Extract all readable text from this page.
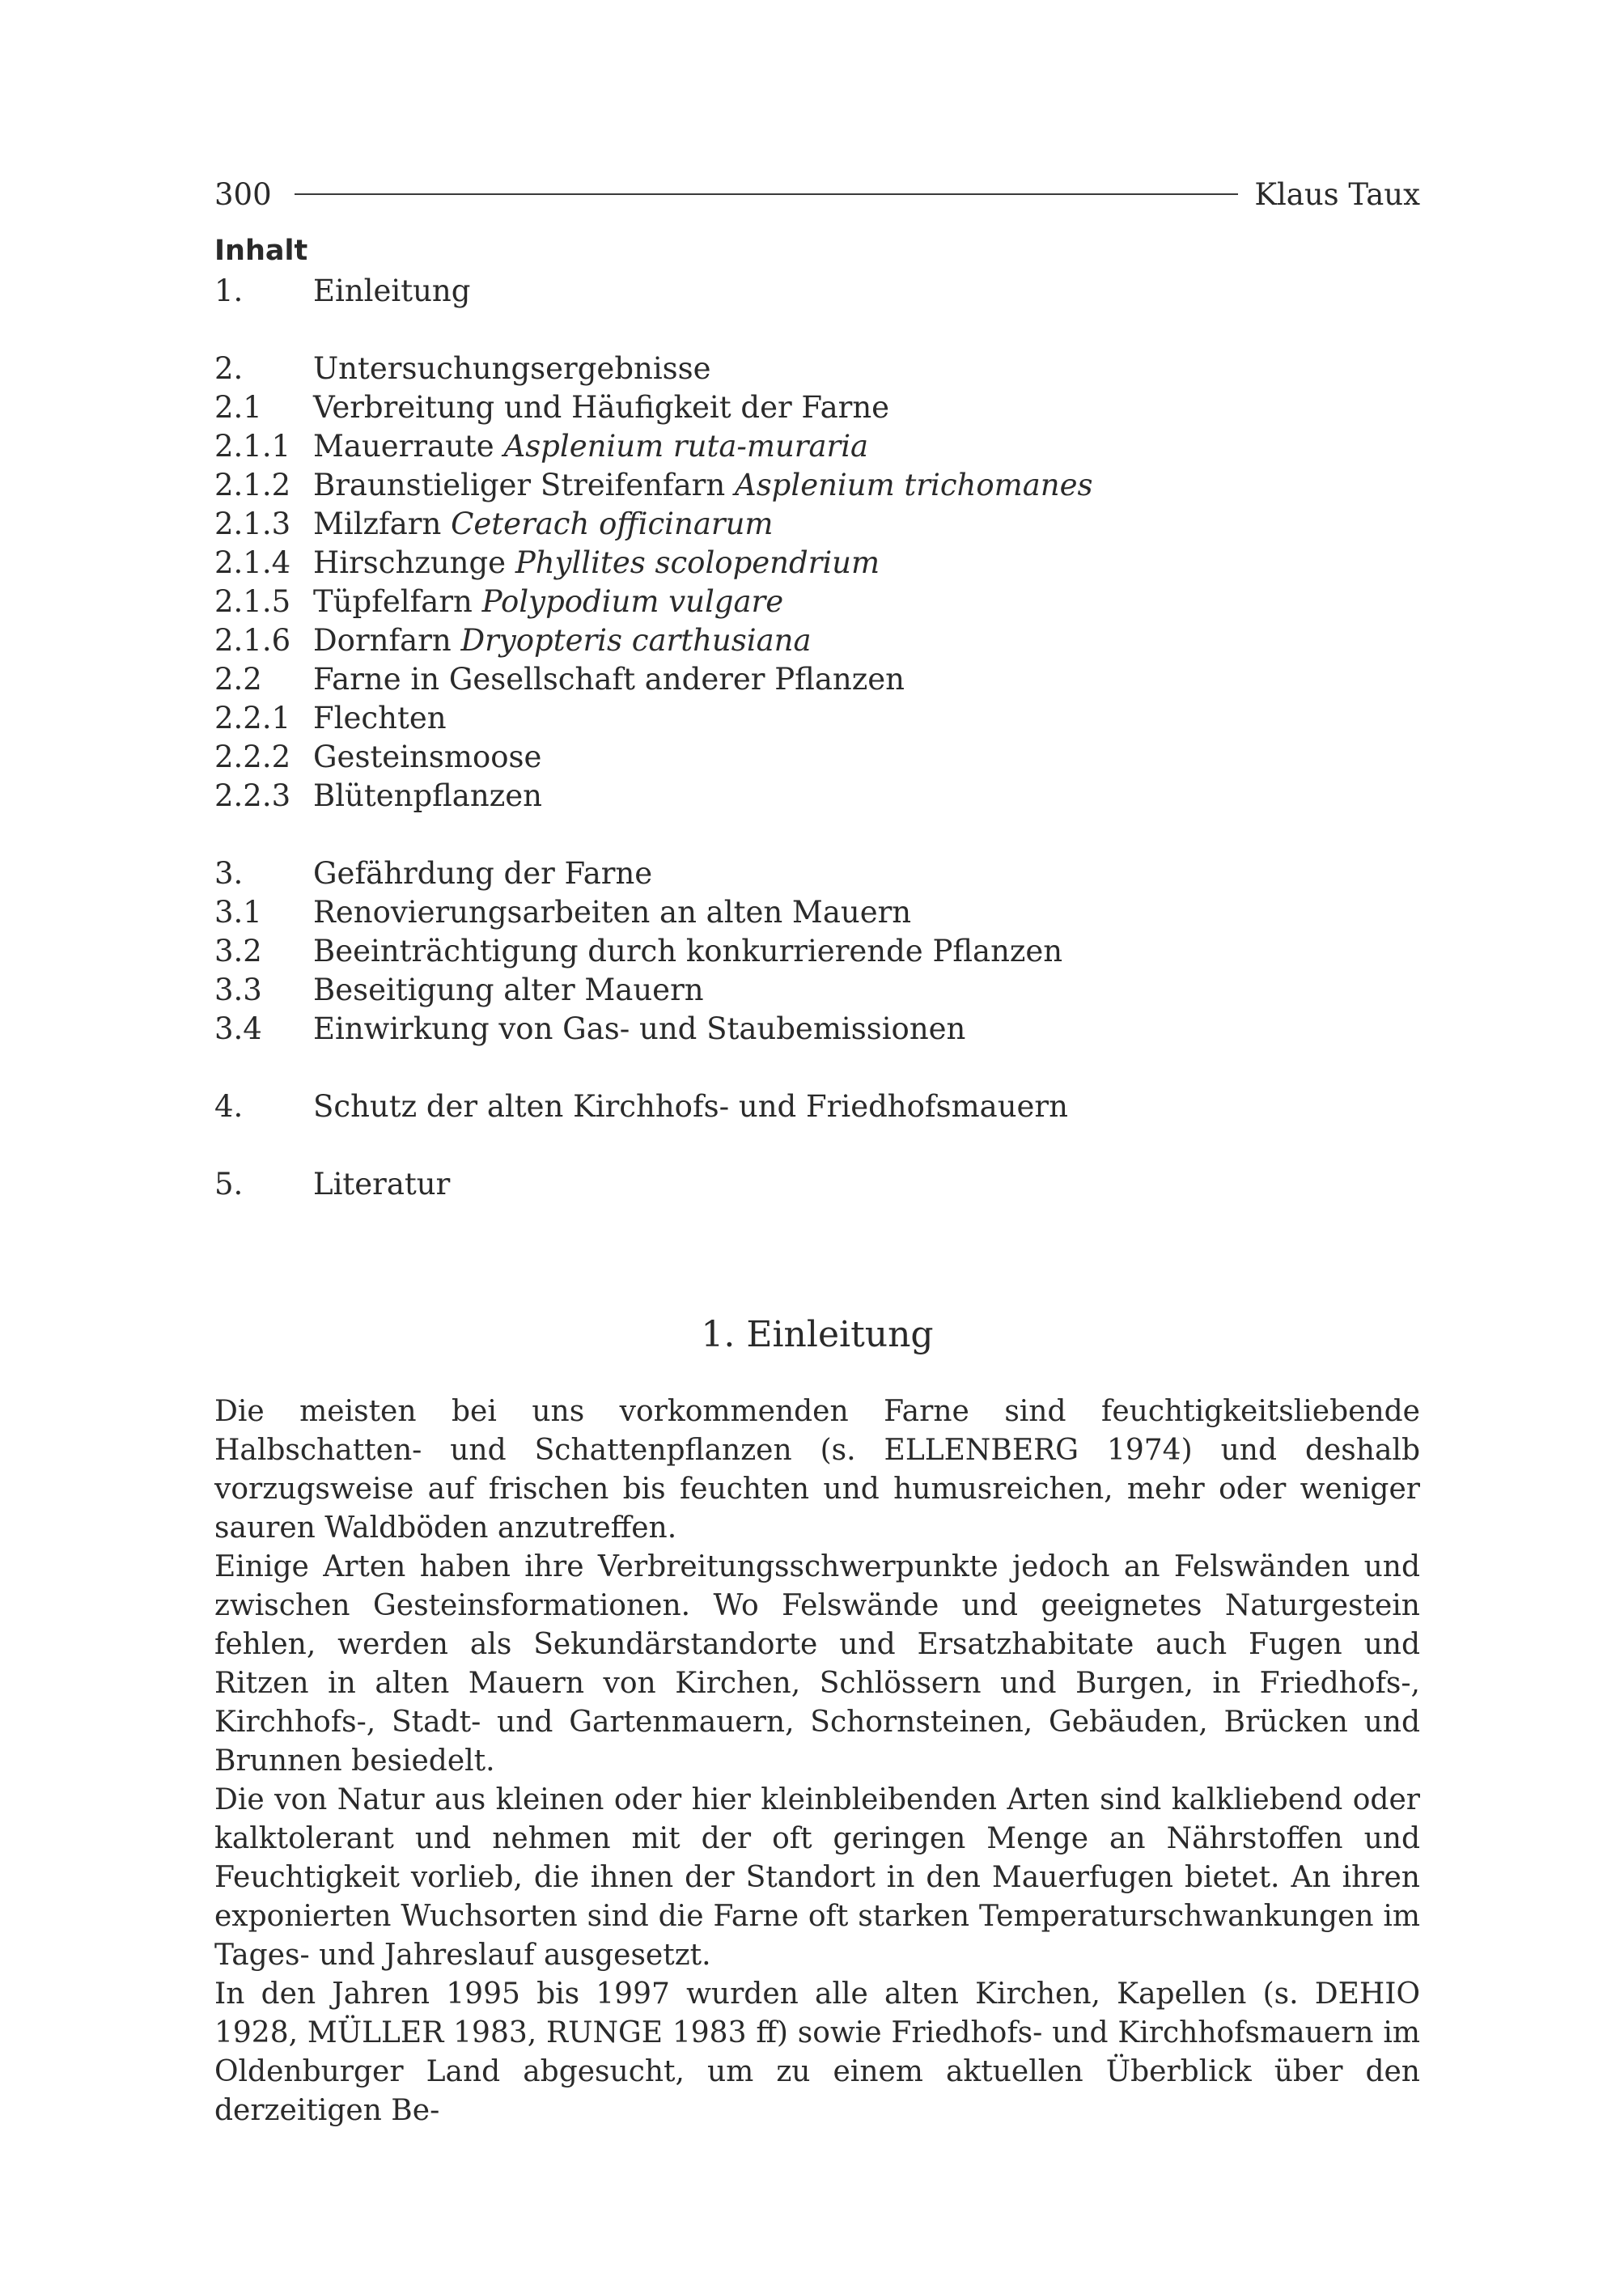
300	Klaus Taux
Inhalt
1. Einleitung
2. Untersuchungsergebnisse
2.1 Verbreitung und Häufigkeit der Farne
2.1.1 Mauerraute Asplenium ruta-muraria
2.1.2 Braunstieliger Streifenfarn Asplenium trichomanes
2.1.3 Milzfarn Ceterach officinarum
2.1.4 Hirschzunge Phyllites scolopendrium
2.1.5 Tüpfelfarn Polypodium vulgare
2.1.6 Dornfarn Dryopteris carthusiana
2.2 Farne in Gesellschaft anderer Pflanzen
2.2.1 Flechten
2.2.2 Gesteinsmoose
2.2.3 Blütenpflanzen
3. Gefährdung der Farne
3.1 Renovierungsarbeiten an alten Mauern
3.2 Beeinträchtigung durch konkurrierende Pflanzen
3.3 Beseitigung alter Mauern
3.4 Einwirkung von Gas- und Staubemissionen
4. Schutz der alten Kirchhofs- und Friedhofsmauern
5. Literatur
1. Einleitung

Die meisten bei uns vorkommenden Farne sind feuchtigkeitsliebende Halbschatten- und Schattenpflanzen (s. ELLENBERG 1974) und deshalb vorzugsweise auf frischen bis feuchten und humusreichen, mehr oder weniger sauren Waldböden anzutreffen.

Einige Arten haben ihre Verbreitungsschwerpunkte jedoch an Felswänden und zwischen Gesteinsformationen. Wo Felswände und geeignetes Naturgestein fehlen, werden als Sekundärstandorte und Ersatzhabitate auch Fugen und Ritzen in alten Mauern von Kirchen, Schlössern und Burgen, in Friedhofs-, Kirchhofs-, Stadt- und Gartenmauern, Schornsteinen, Gebäuden, Brücken und Brunnen besiedelt.

Die von Natur aus kleinen oder hier kleinbleibenden Arten sind kalkliebend oder kalktolerant und nehmen mit der oft geringen Menge an Nährstoffen und Feuchtigkeit vorlieb, die ihnen der Standort in den Mauerfugen bietet. An ihren exponierten Wuchsorten sind die Farne oft starken Temperaturschwankungen im Tages- und Jahreslauf ausgesetzt.

In den Jahren 1995 bis 1997 wurden alle alten Kirchen, Kapellen (s. DEHIO 1928, MÜLLER 1983, RUNGE 1983 ff) sowie Friedhofs- und Kirchhofsmauern im Oldenburger Land abgesucht, um zu einem aktuellen Überblick über den derzeitigen Be-
